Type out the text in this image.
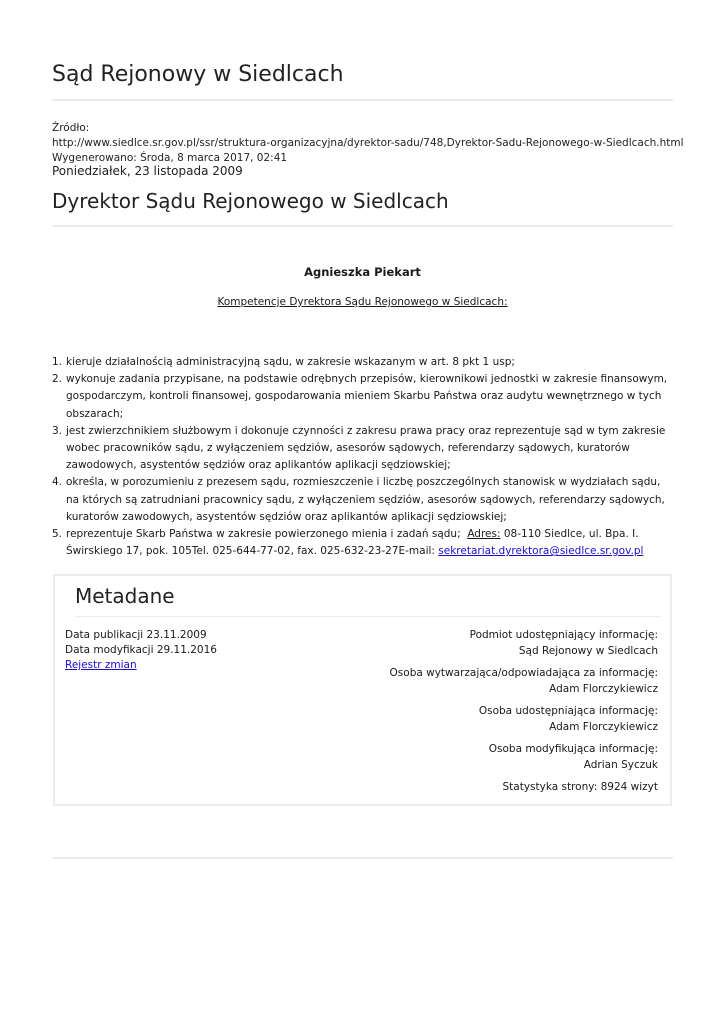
Sąd Rejonowy w Siedlcach
Źródło:
http://www.siedlce.sr.gov.pl/ssr/struktura-organizacyjna/dyrektor-sadu/748,Dyrektor-Sadu-Rejonowego-w-Siedlcach.html
Wygenerowano: Środa, 8 marca 2017, 02:41
Poniedziałek, 23 listopada 2009
Dyrektor Sądu Rejonowego w Siedlcach
Agnieszka Piekart
Kompetencje Dyrektora Sądu Rejonowego w Siedlcach:
1. kieruje działalnością administracyjną sądu, w zakresie wskazanym w art. 8 pkt 1 usp;
2. wykonuje zadania przypisane, na podstawie odrębnych przepisów, kierownikowi jednostki w zakresie finansowym, gospodarczym, kontroli finansowej, gospodarowania mieniem Skarbu Państwa oraz audytu wewnętrznego w tych obszarach;
3. jest zwierzchnikiem służbowym i dokonuje czynności z zakresu prawa pracy oraz reprezentuje sąd w tym zakresie wobec pracowników sądu, z wyłączeniem sędziów, asesorów sądowych, referendarzy sądowych, kuratorów zawodowych, asystentów sędziów oraz aplikantów aplikacji sędziowskiej;
4. określa, w porozumieniu z prezesem sądu, rozmieszczenie i liczbę poszczególnych stanowisk w wydziałach sądu, na których są zatrudniani pracownicy sądu, z wyłączeniem sędziów, asesorów sądowych, referendarzy sądowych, kuratorów zawodowych, asystentów sędziów oraz aplikantów aplikacji sędziowskiej;
5. reprezentuje Skarb Państwa w zakresie powierzonego mienia i zadań sądu; Adres: 08-110 Siedlce, ul. Bpa. I. Świrskiego 17, pok. 105Tel. 025-644-77-02, fax. 025-632-23-27E-mail: sekretariat.dyrektora@siedlce.sr.gov.pl
Metadane
Data publikacji 23.11.2009
Data modyfikacji 29.11.2016
Rejestr zmian
Podmiot udostępniający informację:
Sąd Rejonowy w Siedlcach
Osoba wytwarzająca/odpowiadająca za informację:
Adam Florczykiewicz
Osoba udostępniająca informację:
Adam Florczykiewicz
Osoba modyfikująca informację:
Adrian Syczuk
Statystyka strony: 8924 wizyt
